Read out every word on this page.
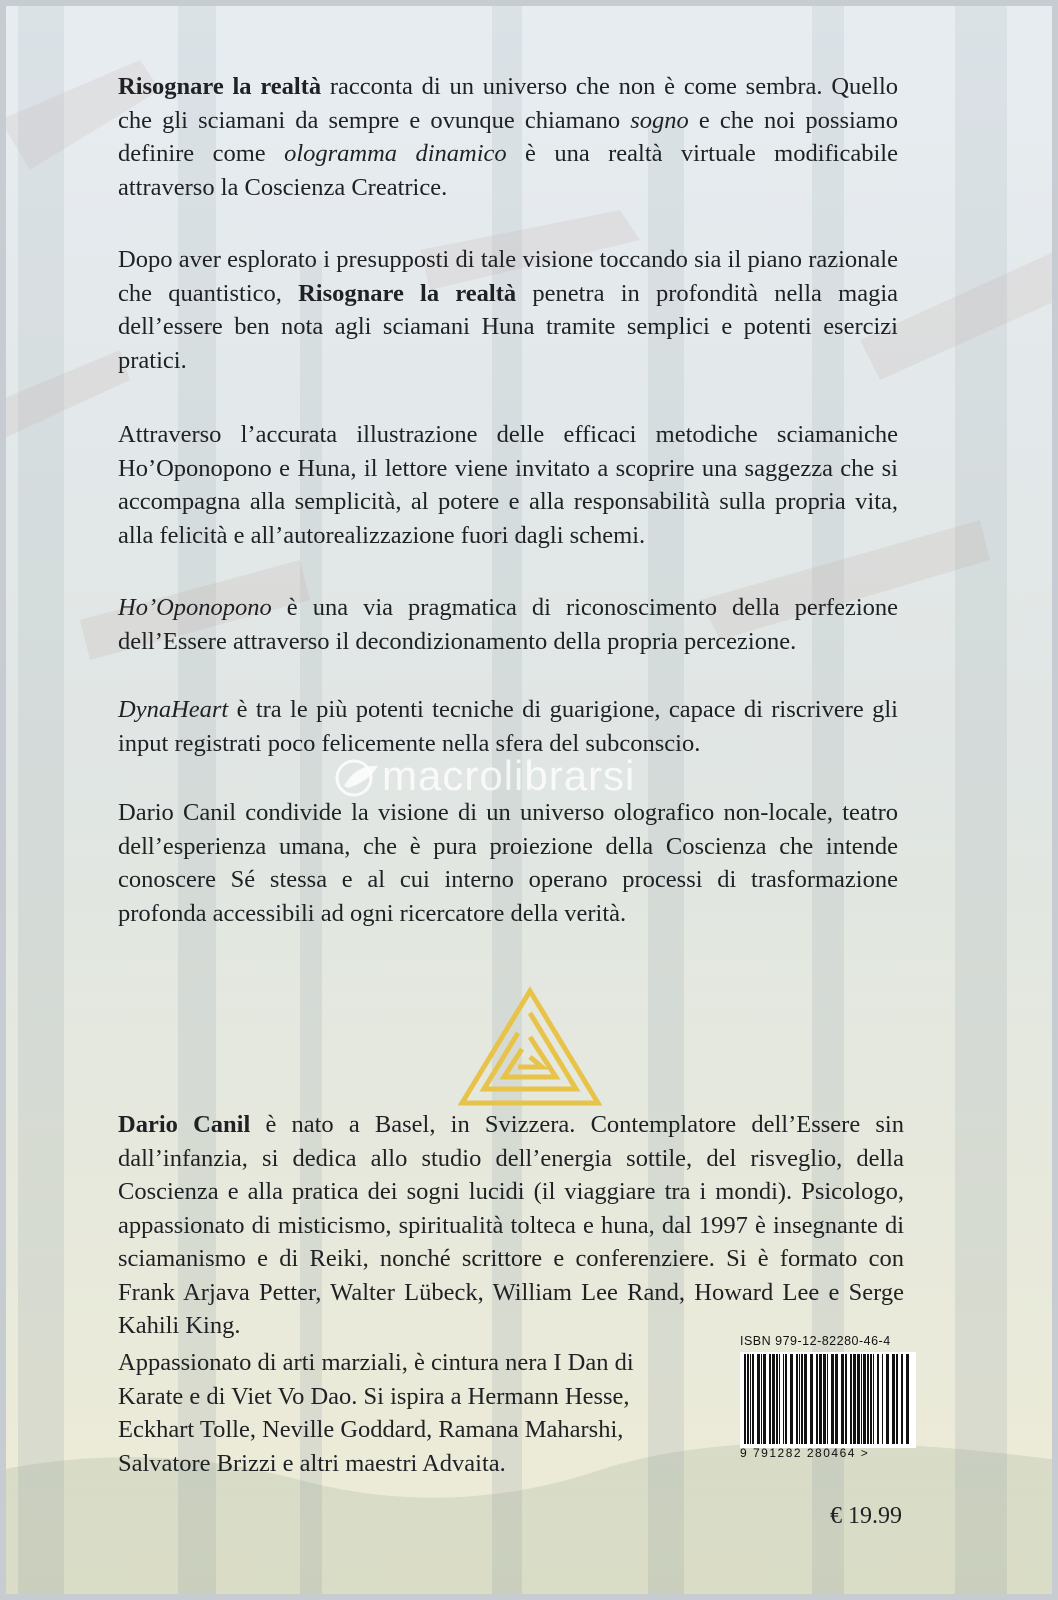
Risognare la realtà racconta di un universo che non è come sembra. Quello che gli sciamani da sempre e ovunque chiamano sogno e che noi possiamo definire come ologramma dinamico è una realtà virtuale modificabile attraverso la Coscienza Creatrice.

Dopo aver esplorato i presupposti di tale visione toccando sia il piano razionale che quantistico, Risognare la realtà penetra in profondità nella magia dell’essere ben nota agli sciamani Huna tramite semplici e potenti esercizi pratici.

Attraverso l’accurata illustrazione delle efficaci metodiche sciamaniche Ho’Oponopono e Huna, il lettore viene invitato a scoprire una saggezza che si accompagna alla semplicità, al potere e alla responsabilità sulla propria vita, alla felicità e all’autorealizzazione fuori dagli schemi.

Ho’Oponopono è una via pragmatica di riconoscimento della perfezione dell’Essere attraverso il decondizionamento della propria percezione.

DynaHeart è tra le più potenti tecniche di guarigione, capace di riscrivere gli input registrati poco felicemente nella sfera del subconscio.

Dario Canil condivide la visione di un universo olografico non-locale, teatro dell’esperienza umana, che è pura proiezione della Coscienza che intende conoscere Sé stessa e al cui interno operano processi di trasformazione profonda accessibili ad ogni ricercatore della verità.

macrolibrarsi

Dario Canil è nato a Basel, in Svizzera. Contemplatore dell’Essere sin dall’infanzia, si dedica allo studio dell’energia sottile, del risveglio, della Coscienza e alla pratica dei sogni lucidi (il viaggiare tra i mondi). Psicologo, appassionato di misticismo, spiritualità tolteca e huna, dal 1997 è insegnante di sciamanismo e di Reiki, nonché scrittore e conferenziere. Si è formato con Frank Arjava Petter, Walter Lübeck, William Lee Rand, Howard Lee e Serge Kahili King.

Appassionato di arti marziali, è cintura nera I Dan di

Karate e di Viet Vo Dao. Si ispira a Hermann Hesse,

Eckhart Tolle, Neville Goddard, Ramana Maharshi,

Salvatore Brizzi e altri maestri Advaita.

ISBN 979-12-82280-46-4
9 791282 280464 >
€ 19.99
